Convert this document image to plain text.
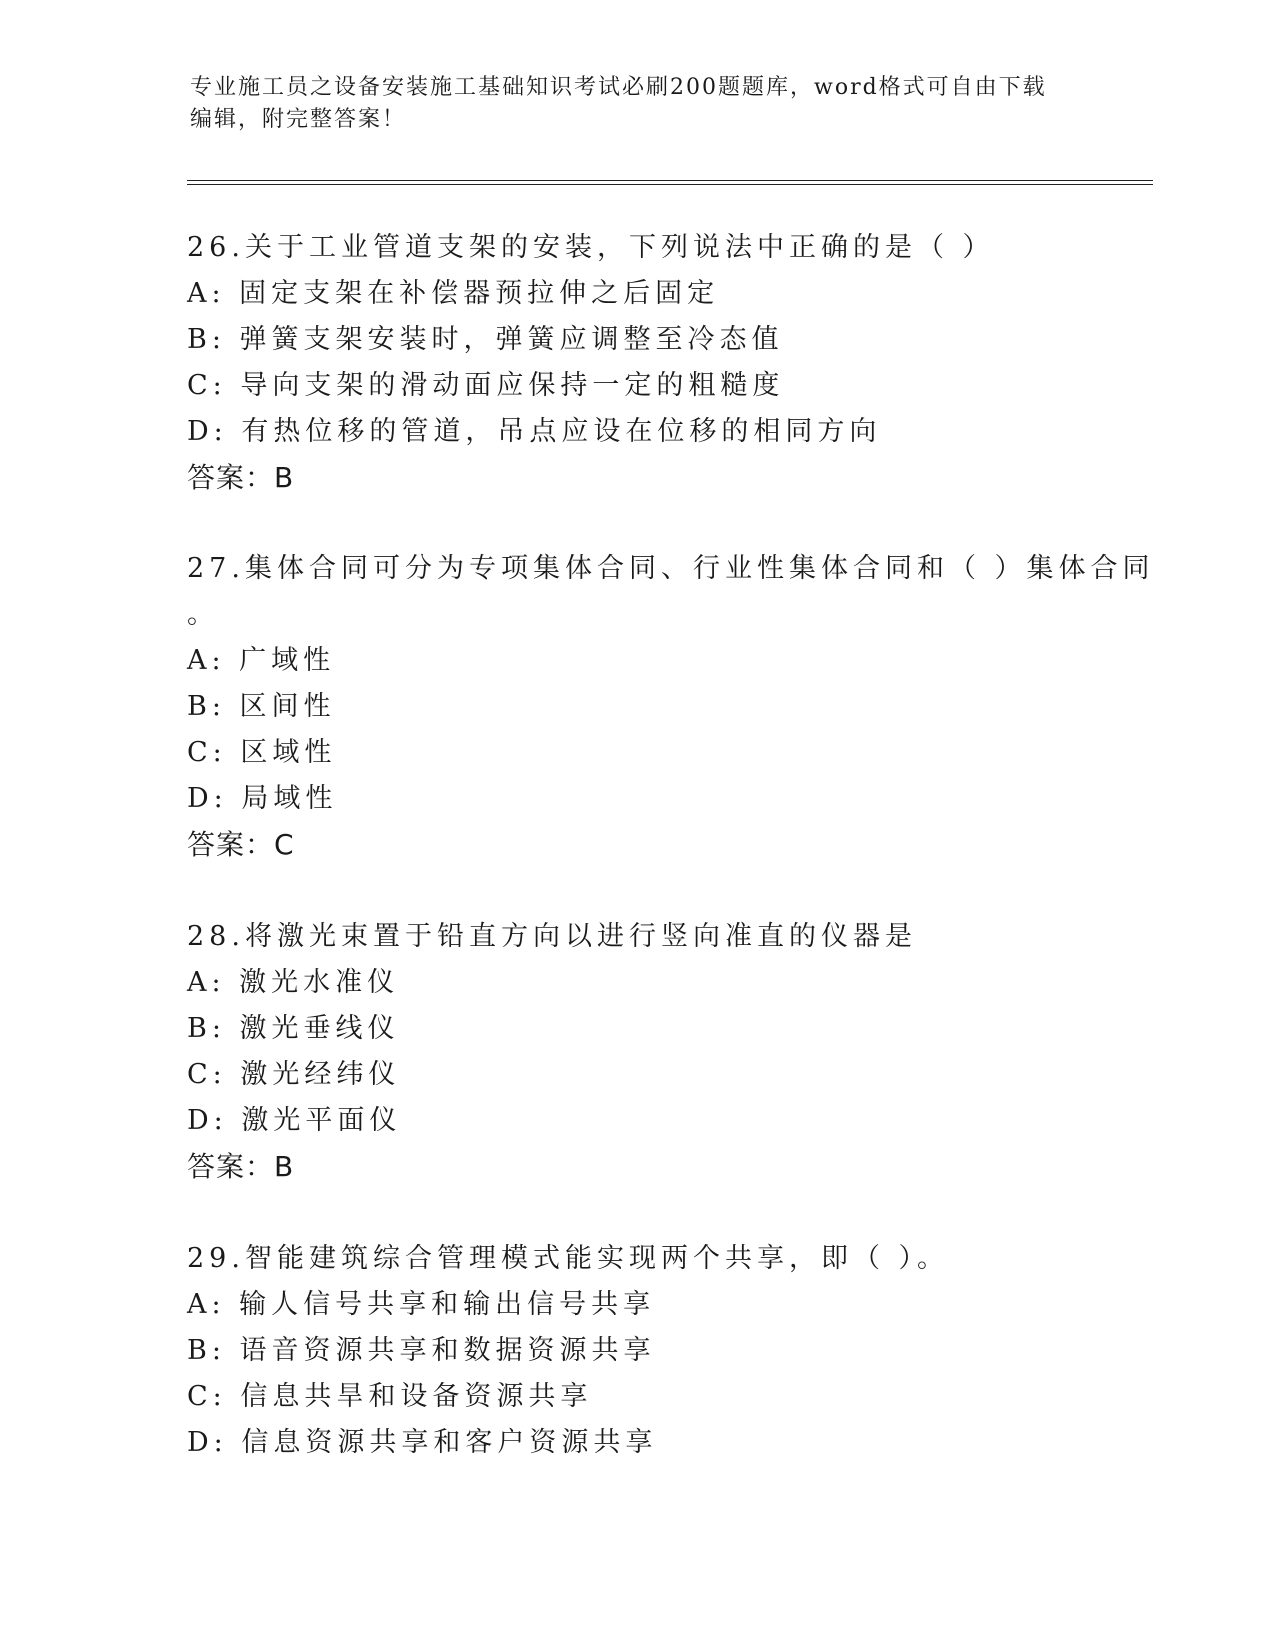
专业施工员之设备安装施工基础知识考试必刷200题题库，word格式可自由下载
编辑，附完整答案！
26.关于工业管道支架的安装，下列说法中正确的是（ ）
A: 固定支架在补偿器预拉伸之后固定
B: 弹簧支架安装时，弹簧应调整至冷态值
C: 导向支架的滑动面应保持一定的粗糙度
D: 有热位移的管道，吊点应设在位移的相同方向
答案：B
27.集体合同可分为专项集体合同、行业性集体合同和（ ）集体合同
。
A: 广域性
B: 区间性
C: 区域性
D: 局域性
答案：C
28.将激光束置于铅直方向以进行竖向准直的仪器是
A: 激光水准仪
B: 激光垂线仪
C: 激光经纬仪
D: 激光平面仪
答案：B
29.智能建筑综合管理模式能实现两个共享，即（ ）。
A: 输人信号共享和输出信号共享
B: 语音资源共享和数据资源共享
C: 信息共旱和设备资源共享
D: 信息资源共享和客户资源共享
